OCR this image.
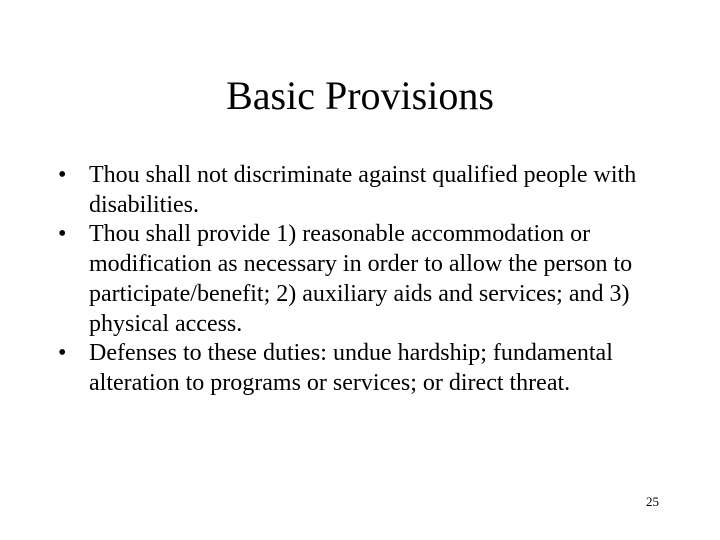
Basic Provisions
• Thou shall not discriminate against qualified people with disabilities.
• Thou shall provide 1) reasonable accommodation or modification as necessary in order to allow the person to participate/benefit; 2) auxiliary aids and services; and 3) physical access.
• Defenses to these duties: undue hardship; fundamental alteration to programs or services; or direct threat.
25
